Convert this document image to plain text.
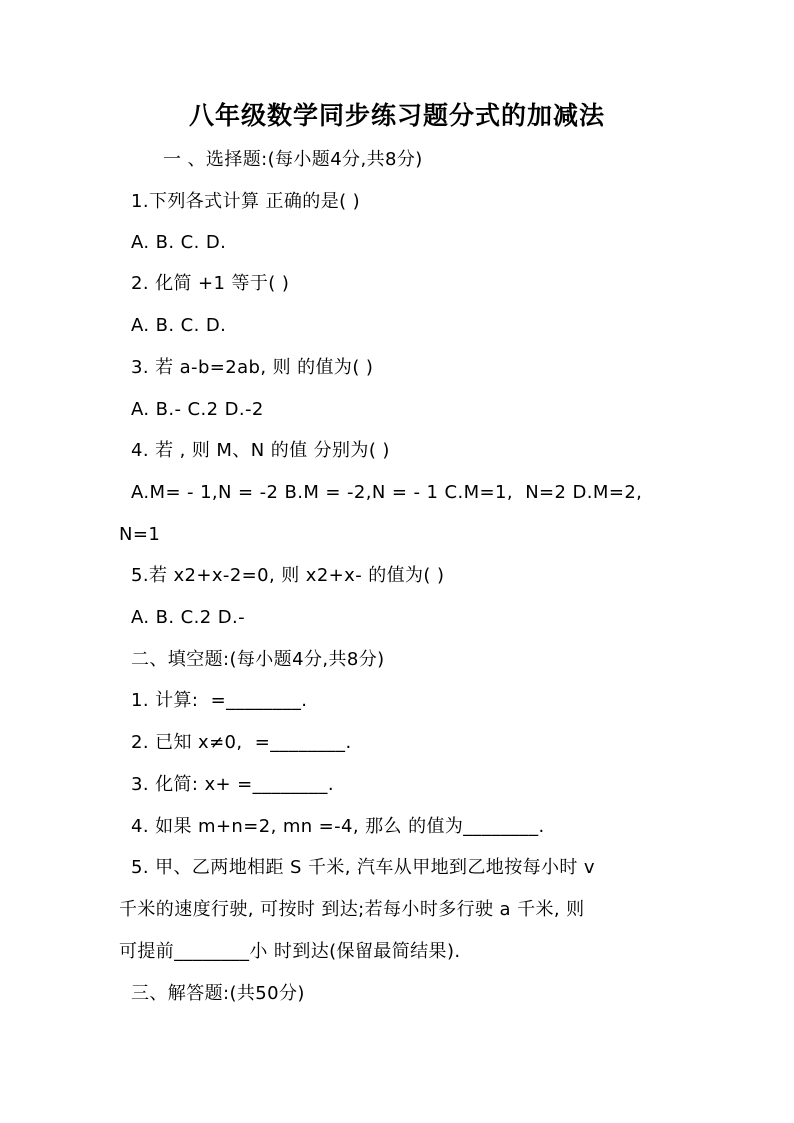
八年级数学同步练习题分式的加减法
一 、选择题:(每小题4分,共8分)
1.下列各式计算 正确的是( )
A. B. C. D.
2. 化简 +1 等于( )
A. B. C. D.
3. 若 a-b=2ab, 则 的值为( )
A. B.- C.2 D.-2
4. 若 , 则 M、N 的值 分别为( )
A.M= - 1,N = -2 B.M = -2,N = - 1 C.M=1,  N=2 D.M=2,
N=1
5.若 x2+x-2=0, 则 x2+x- 的值为( )
A. B. C.2 D.-
二、填空题:(每小题4分,共8分)
1. 计算:  =________.
2. 已知 x≠0,  =________.
3. 化简: x+ =________.
4. 如果 m+n=2, mn =-4, 那么 的值为________.
5. 甲、乙两地相距 S 千米, 汽车从甲地到乙地按每小时 v
千米的速度行驶, 可按时 到达;若每小时多行驶 a 千米, 则
可提前________小 时到达(保留最简结果).
三、解答题:(共50分)
